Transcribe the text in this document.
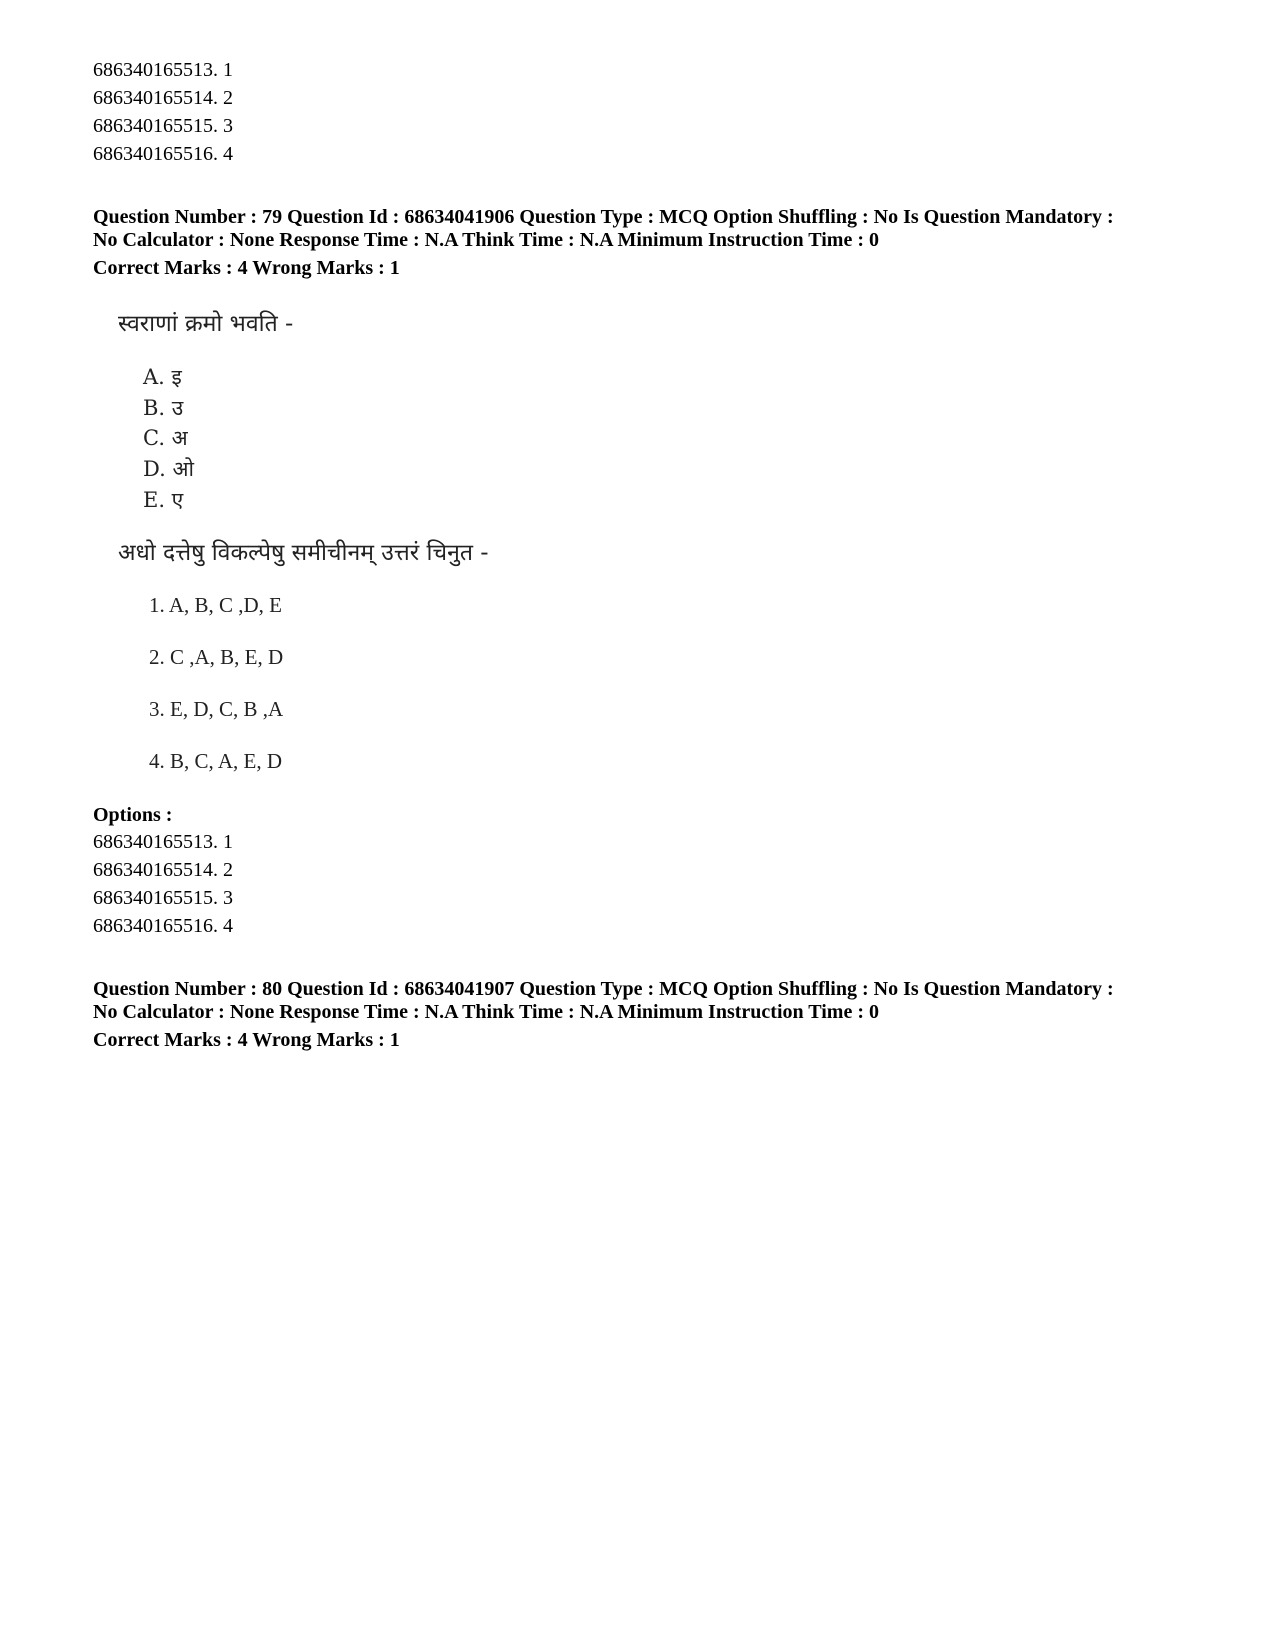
686340165513. 1
686340165514. 2
686340165515. 3
686340165516. 4
Question Number : 79 Question Id : 68634041906 Question Type : MCQ Option Shuffling : No Is Question Mandatory :
No Calculator : None Response Time : N.A Think Time : N.A Minimum Instruction Time : 0
Correct Marks : 4 Wrong Marks : 1
स्वराणां क्रमो भवति -
A. इ
B. उ
C. अ
D. ओ
E. ए
अधो दत्तेषु विकल्पेषु समीचीनम् उत्तरं चिनुत -
1. A, B, C ,D, E
2. C ,A, B, E, D
3. E, D, C, B ,A
4. B, C, A, E, D
Options :
686340165513. 1
686340165514. 2
686340165515. 3
686340165516. 4
Question Number : 80 Question Id : 68634041907 Question Type : MCQ Option Shuffling : No Is Question Mandatory :
No Calculator : None Response Time : N.A Think Time : N.A Minimum Instruction Time : 0
Correct Marks : 4 Wrong Marks : 1
